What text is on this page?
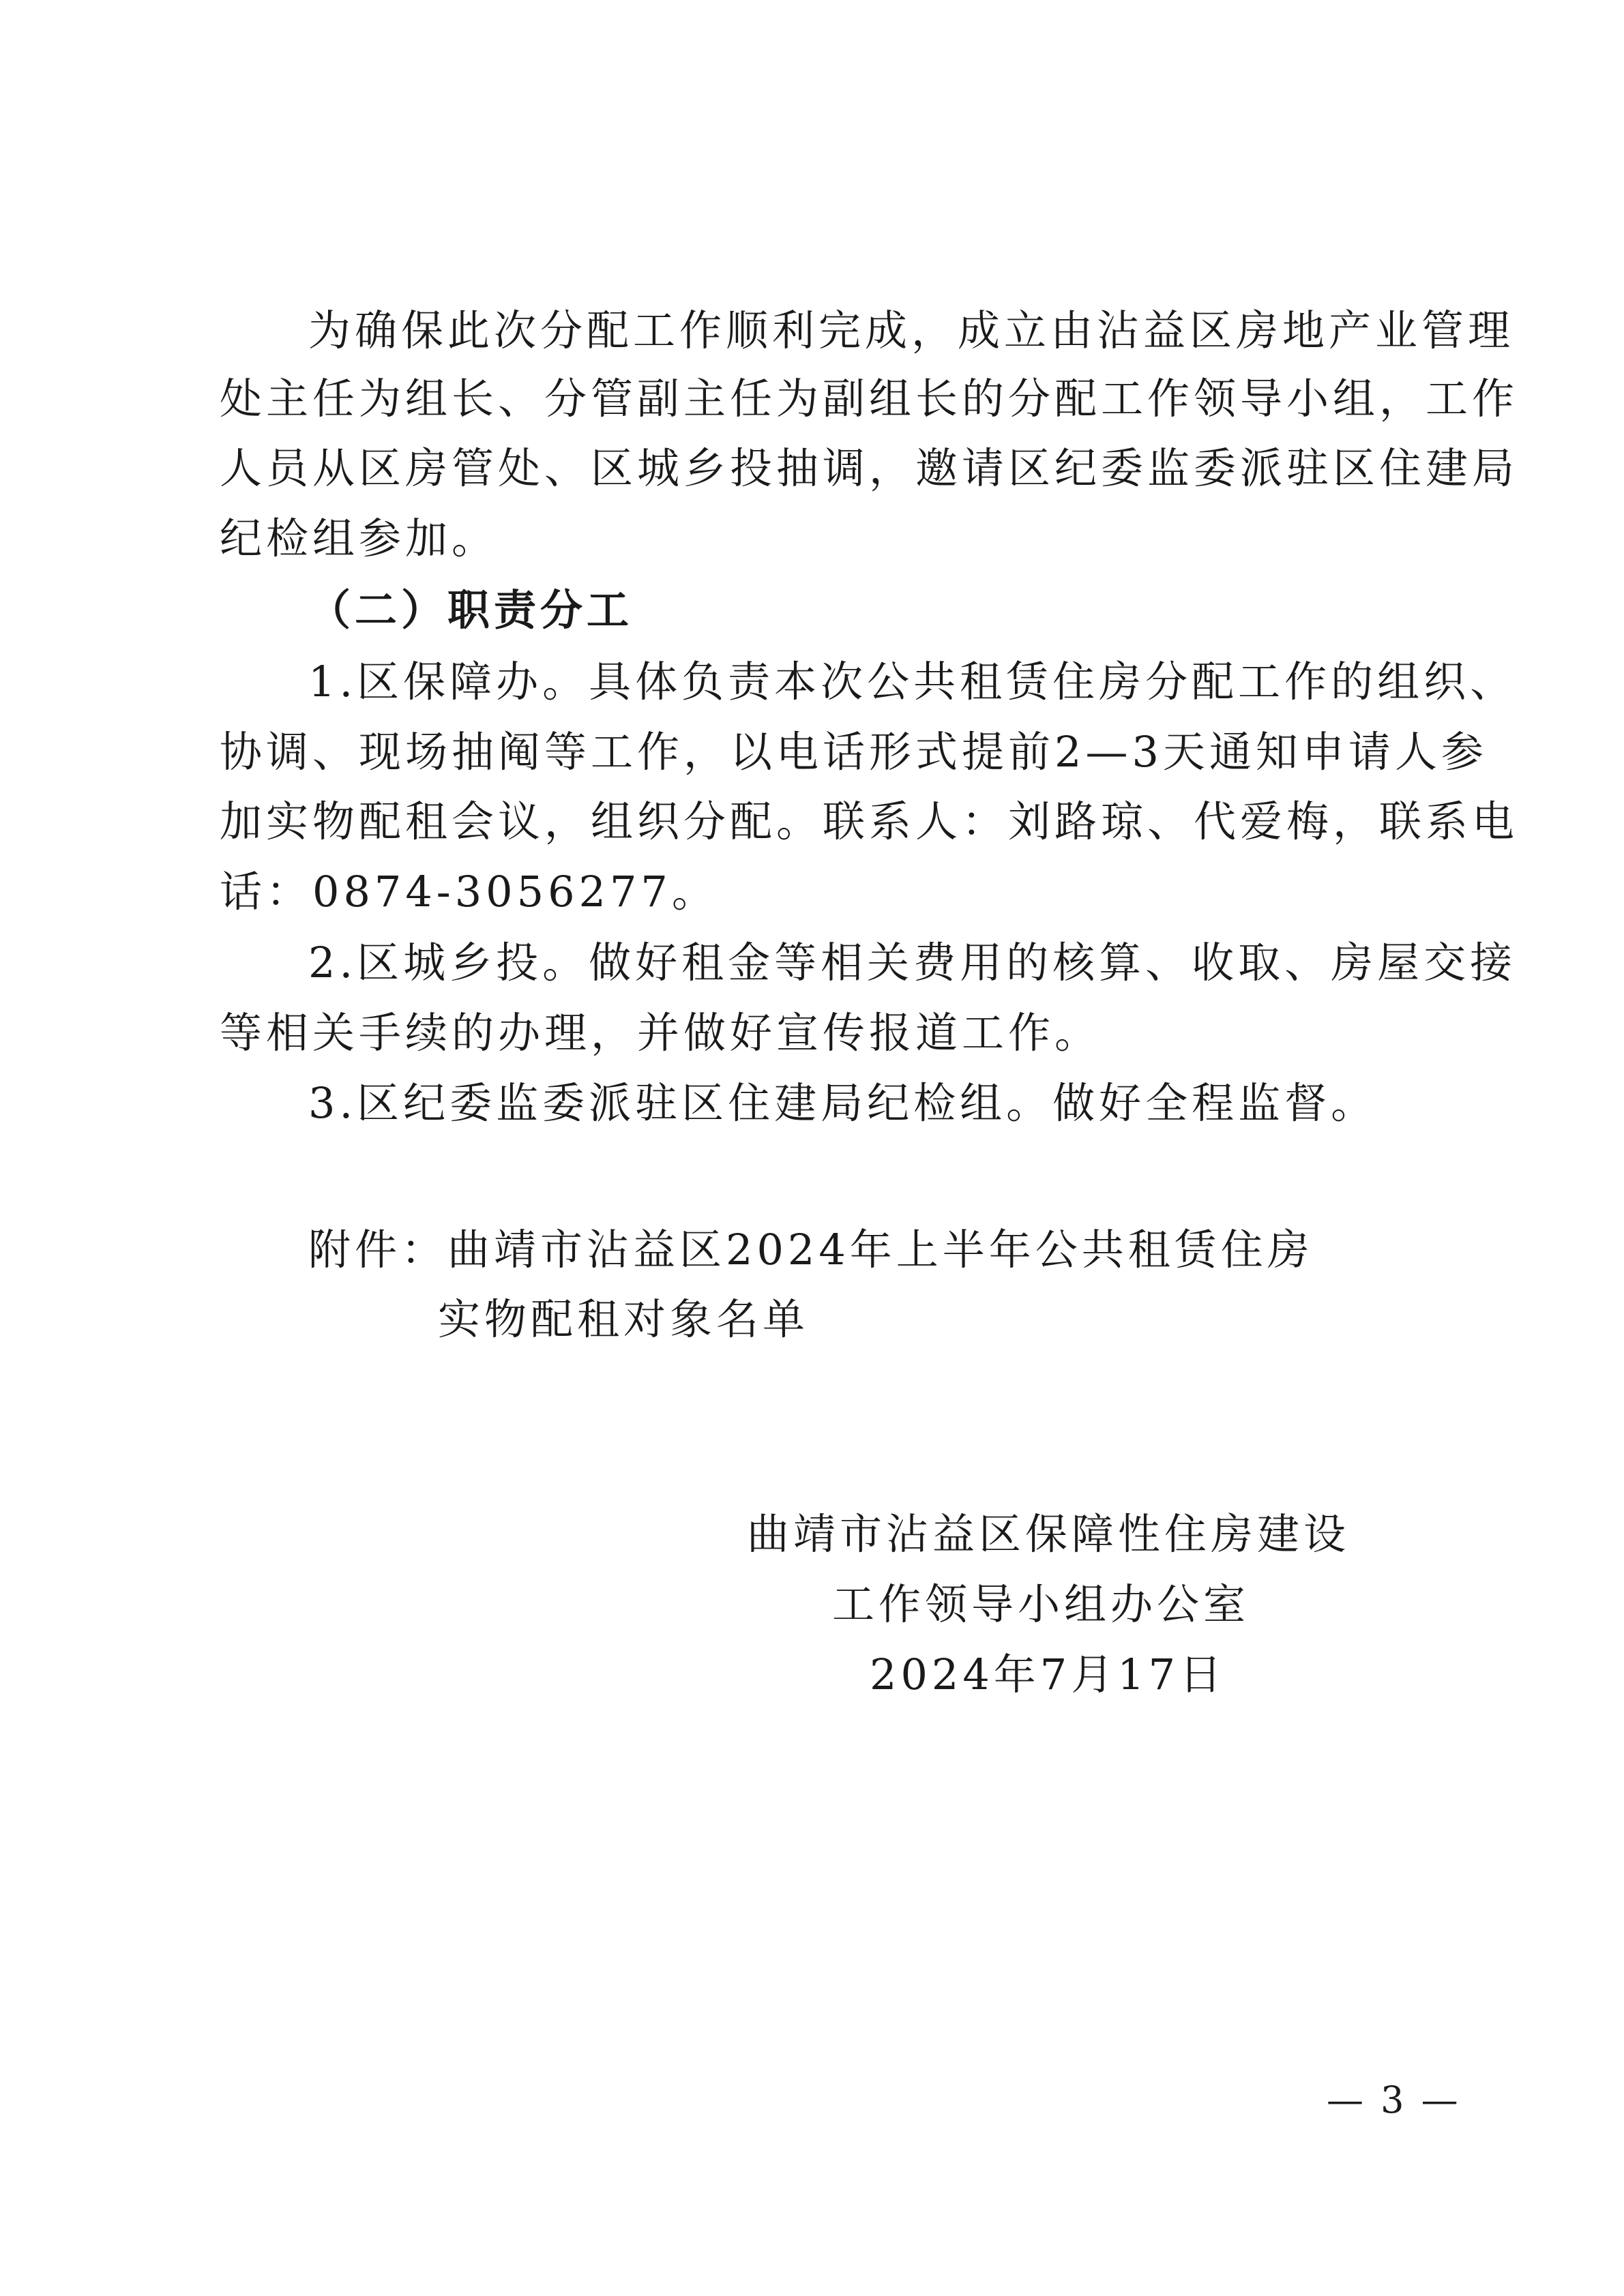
为确保此次分配工作顺利完成，成立由沾益区房地产业管理
处主任为组长、分管副主任为副组长的分配工作领导小组，工作
人员从区房管处、区城乡投抽调，邀请区纪委监委派驻区住建局
纪检组参加。
（二）职责分工
1.区保障办。具体负责本次公共租赁住房分配工作的组织、
协调、现场抽阄等工作，以电话形式提前2—3天通知申请人参
加实物配租会议，组织分配。联系人：刘路琼、代爱梅，联系电
话：0874-3056277。
2.区城乡投。做好租金等相关费用的核算、收取、房屋交接
等相关手续的办理，并做好宣传报道工作。
3.区纪委监委派驻区住建局纪检组。做好全程监督。
附件：曲靖市沾益区2024年上半年公共租赁住房
实物配租对象名单
曲靖市沾益区保障性住房建设
工作领导小组办公室
2024年7月17日
— 3 —
